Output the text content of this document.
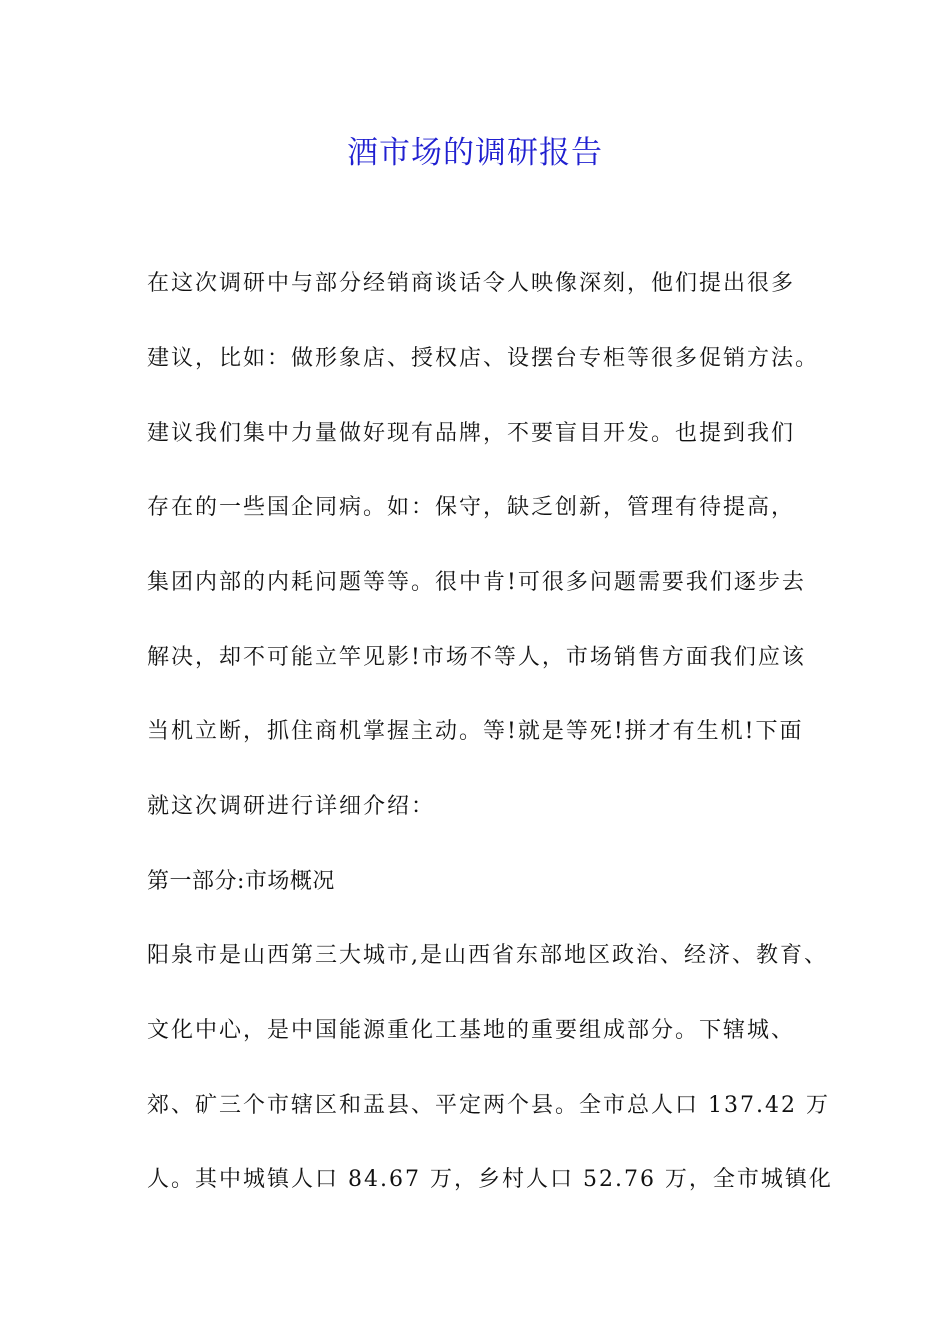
酒市场的调研报告

在这次调研中与部分经销商谈话令人映像深刻，他们提出很多

建议，比如：做形象店、授权店、设摆台专柜等很多促销方法。

建议我们集中力量做好现有品牌，不要盲目开发。也提到我们

存在的一些国企同病。如：保守，缺乏创新，管理有待提高，

集团内部的内耗问题等等。很中肯!可很多问题需要我们逐步去

解决，却不可能立竿见影!市场不等人，市场销售方面我们应该

当机立断，抓住商机掌握主动。等!就是等死!拼才有生机!下面

就这次调研进行详细介绍：

第一部分:市场概况

阳泉市是山西第三大城市,是山西省东部地区政治、经济、教育、

文化中心，是中国能源重化工基地的重要组成部分。下辖城、

郊、矿三个市辖区和盂县、平定两个县。全市总人口 137.42 万

人。其中城镇人口 84.67 万，乡村人口 52.76 万，全市城镇化
